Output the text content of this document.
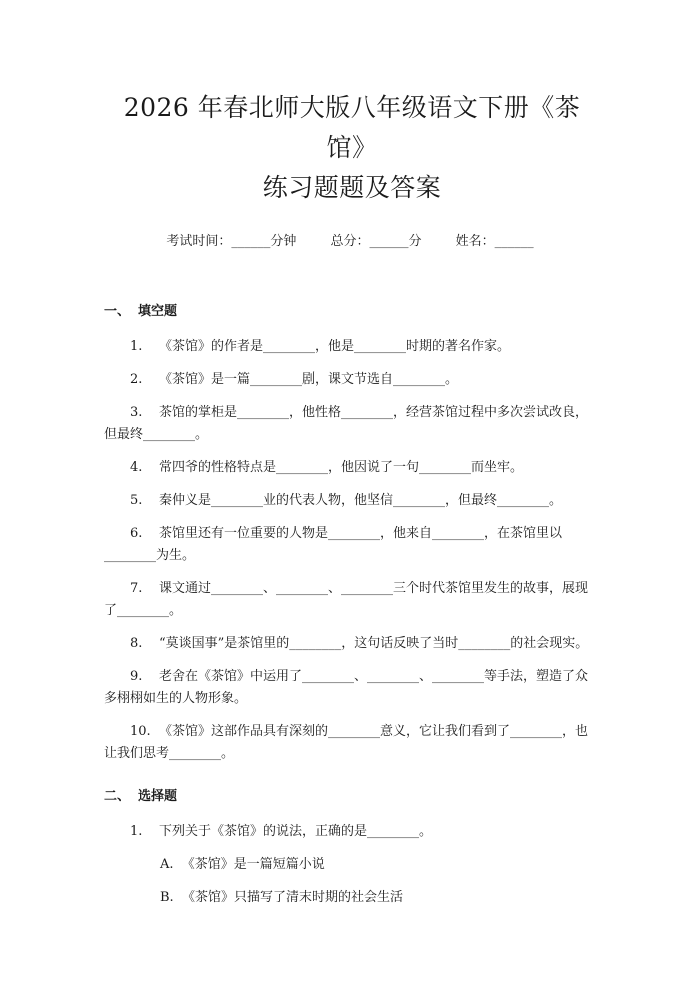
2026 年春北师大版八年级语文下册《茶馆》
练习题题及答案
考试时间：______分钟	总分：______分	姓名：______
一、 填空题

1. 《茶馆》的作者是________，他是________时期的著名作家。

2. 《茶馆》是一篇________剧，课文节选自________。

3. 茶馆的掌柜是________，他性格________，经营茶馆过程中多次尝试改良，但最终________。

4. 常四爷的性格特点是________，他因说了一句________而坐牢。

5. 秦仲义是________业的代表人物，他坚信________，但最终________。

6. 茶馆里还有一位重要的人物是________，他来自________，在茶馆里以________为生。

7. 课文通过________、________、________三个时代茶馆里发生的故事，展现了________。

8. “莫谈国事”是茶馆里的________，这句话反映了当时________的社会现实。

9. 老舍在《茶馆》中运用了________、________、________等手法，塑造了众多栩栩如生的人物形象。

10. 《茶馆》这部作品具有深刻的________意义，它让我们看到了________，也让我们思考________。

二、 选择题

1. 下列关于《茶馆》的说法，正确的是________。

A. 《茶馆》是一篇短篇小说

B. 《茶馆》只描写了清末时期的社会生活
